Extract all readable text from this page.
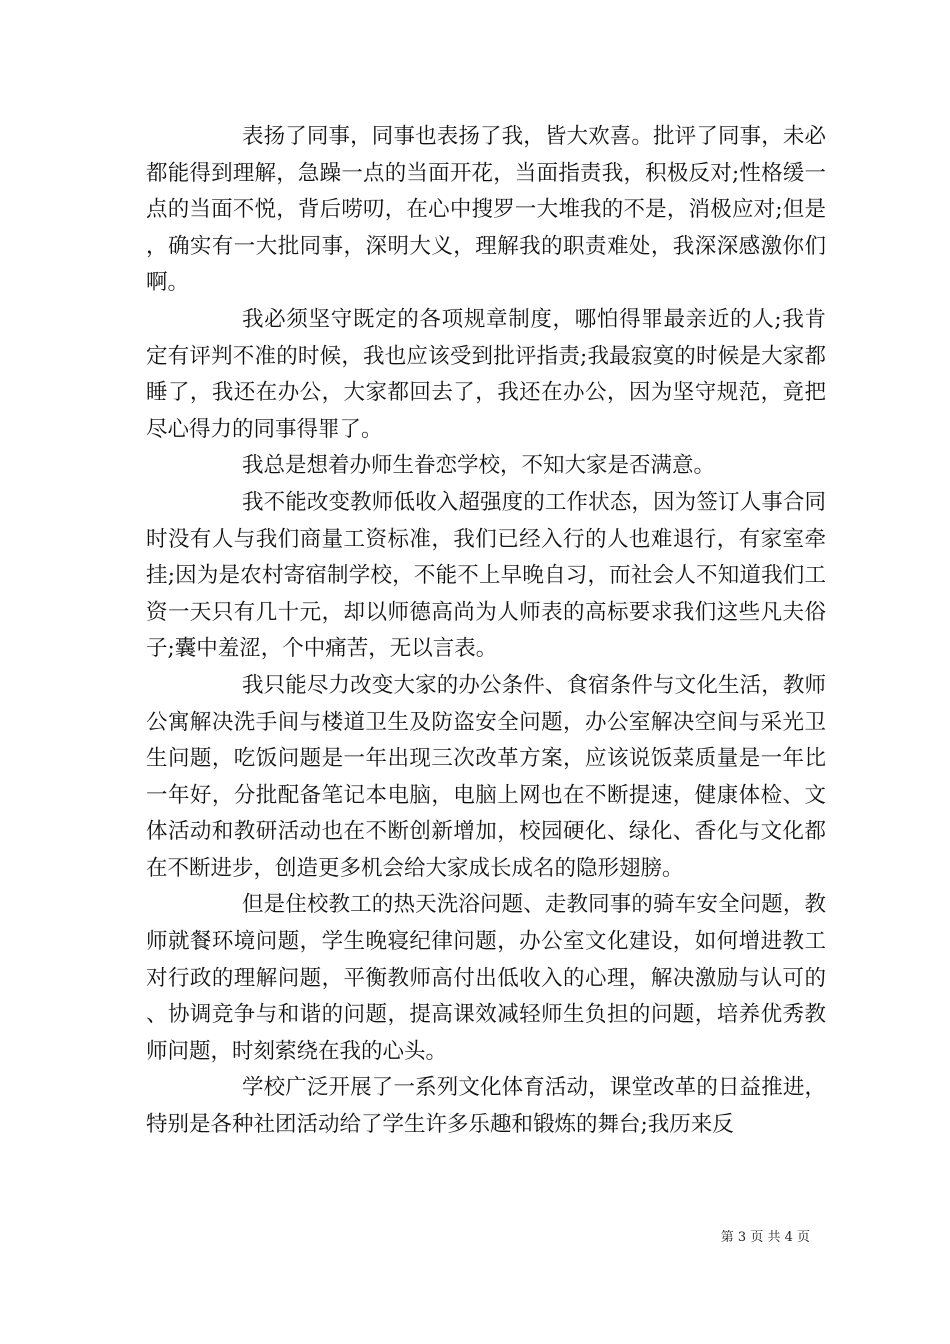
表扬了同事，同事也表扬了我，皆大欢喜。批评了同事，未必都能得到理解，急躁一点的当面开花，当面指责我，积极反对;性格缓一点的当面不悦，背后唠叨，在心中搜罗一大堆我的不是，消极应对;但是，确实有一大批同事，深明大义，理解我的职责难处，我深深感激你们啊。

我必须坚守既定的各项规章制度，哪怕得罪最亲近的人;我肯定有评判不准的时候，我也应该受到批评指责;我最寂寞的时候是大家都睡了，我还在办公，大家都回去了，我还在办公，因为坚守规范，竟把尽心得力的同事得罪了。

我总是想着办师生眷恋学校，不知大家是否满意。

我不能改变教师低收入超强度的工作状态，因为签订人事合同时没有人与我们商量工资标准，我们已经入行的人也难退行，有家室牵挂;因为是农村寄宿制学校，不能不上早晚自习，而社会人不知道我们工资一天只有几十元，却以师德高尚为人师表的高标要求我们这些凡夫俗子;囊中羞涩，个中痛苦，无以言表。

我只能尽力改变大家的办公条件、食宿条件与文化生活，教师公寓解决洗手间与楼道卫生及防盗安全问题，办公室解决空间与采光卫生问题，吃饭问题是一年出现三次改革方案，应该说饭菜质量是一年比一年好，分批配备笔记本电脑，电脑上网也在不断提速，健康体检、文体活动和教研活动也在不断创新增加，校园硬化、绿化、香化与文化都在不断进步，创造更多机会给大家成长成名的隐形翅膀。

但是住校教工的热天洗浴问题、走教同事的骑车安全问题，教师就餐环境问题，学生晚寝纪律问题，办公室文化建设，如何增进教工对行政的理解问题，平衡教师高付出低收入的心理，解决激励与认可的、协调竞争与和谐的问题，提高课效减轻师生负担的问题，培养优秀教师问题，时刻萦绕在我的心头。

学校广泛开展了一系列文化体育活动，课堂改革的日益推进，特别是各种社团活动给了学生许多乐趣和锻炼的舞台;我历来反

第 3 页 共 4 页
